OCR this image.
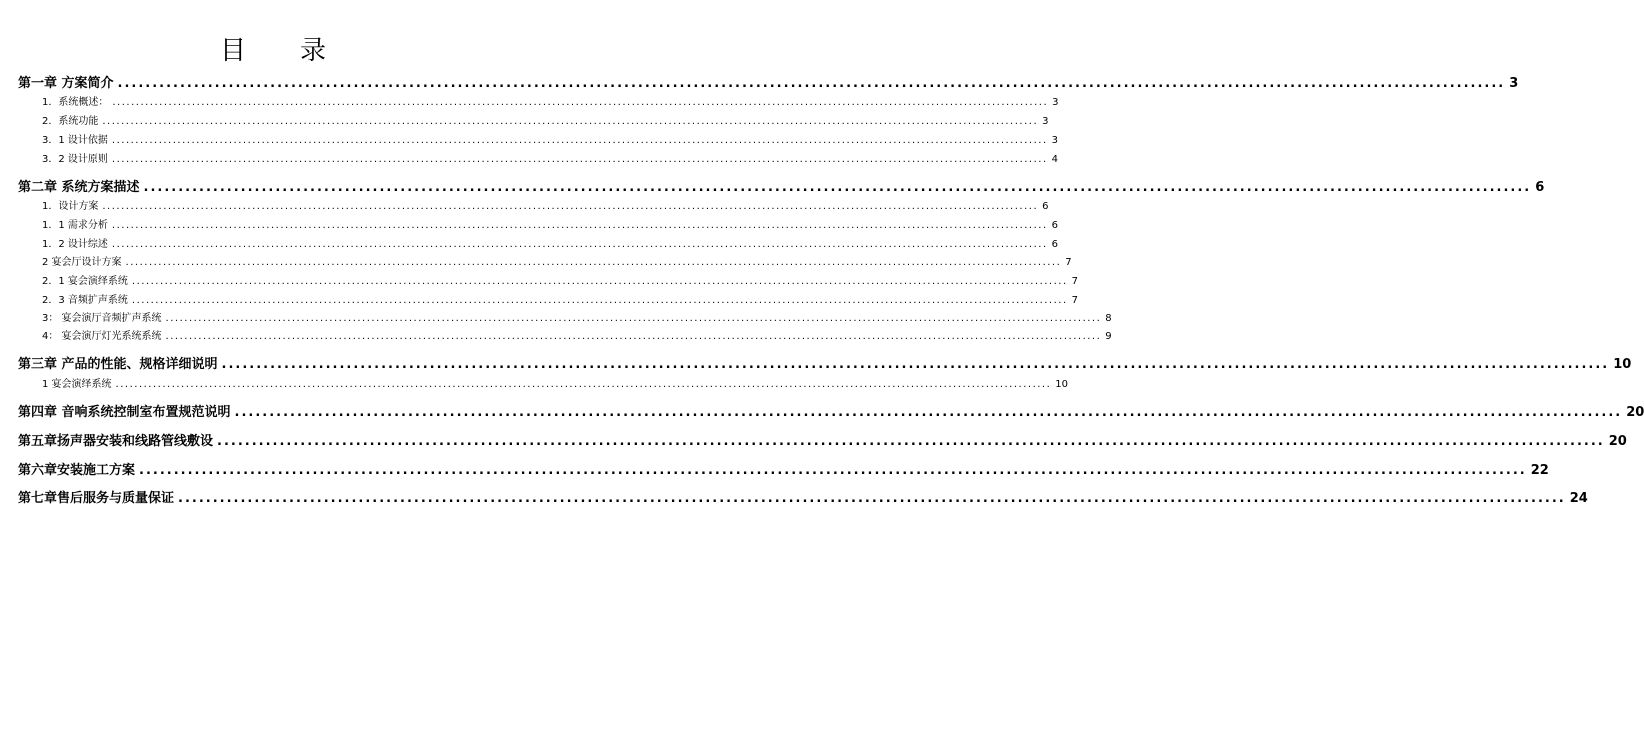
目 录
第一章 方案简介 ........................................................................................................................................................................................................ 3
1．系统概述： ........................................................................................................................................................................................................ 3
2．系统功能 ........................................................................................................................................................................................................ 3
3．1 设计依据 ........................................................................................................................................................................................................ 3
3．2 设计原则 ........................................................................................................................................................................................................ 4
第二章 系统方案描述 ........................................................................................................................................................................................................ 6
1．设计方案 ........................................................................................................................................................................................................ 6
1．1 需求分析 ........................................................................................................................................................................................................ 6
1．2 设计综述 ........................................................................................................................................................................................................ 6
2 宴会厅设计方案 ........................................................................................................................................................................................................ 7
2．1 宴会演绎系统 ........................................................................................................................................................................................................ 7
2．3 音频扩声系统 ........................................................................................................................................................................................................ 7
3： 宴会演厅音频扩声系统 ........................................................................................................................................................................................................ 8
4： 宴会演厅灯光系统系统 ........................................................................................................................................................................................................ 9
第三章 产品的性能、规格详细说明 ........................................................................................................................................................................................................ 10
1 宴会演绎系统 ........................................................................................................................................................................................................ 10
第四章 音响系统控制室布置规范说明 ........................................................................................................................................................................................................ 20
第五章扬声器安装和线路管线敷设 ........................................................................................................................................................................................................ 20
第六章安装施工方案 ........................................................................................................................................................................................................ 22
第七章售后服务与质量保证 ........................................................................................................................................................................................................ 24
